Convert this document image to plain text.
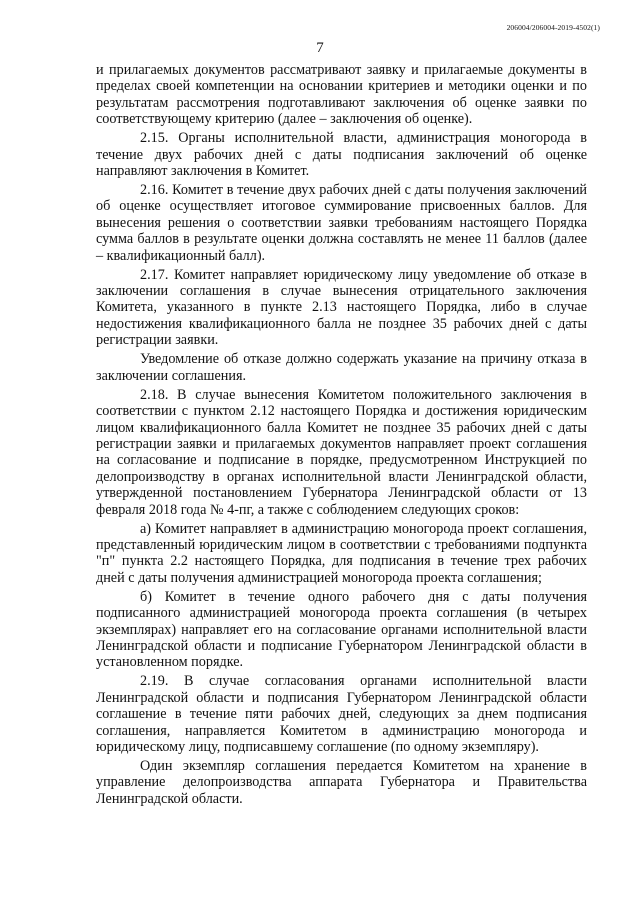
206004/206004-2019-4502(1)
7

и прилагаемых документов рассматривают заявку и прилагаемые документы в пределах своей компетенции на основании критериев и методики оценки и по результатам рассмотрения подготавливают заключения об оценке заявки по соответствующему критерию (далее – заключения об оценке).

2.15. Органы исполнительной власти, администрация моногорода в течение двух рабочих дней с даты подписания заключений об оценке направляют заключения в Комитет.

2.16. Комитет в течение двух рабочих дней с даты получения заключений об оценке осуществляет итоговое суммирование присвоенных баллов. Для вынесения решения о соответствии заявки требованиям настоящего Порядка сумма баллов в результате оценки должна составлять не менее 11 баллов (далее – квалификационный балл).

2.17. Комитет направляет юридическому лицу уведомление об отказе в заключении соглашения в случае вынесения отрицательного заключения Комитета, указанного в пункте 2.13 настоящего Порядка, либо в случае недостижения квалификационного балла не позднее 35 рабочих дней с даты регистрации заявки.

Уведомление об отказе должно содержать указание на причину отказа в заключении соглашения.

2.18. В случае вынесения Комитетом положительного заключения в соответствии с пунктом 2.12 настоящего Порядка и достижения юридическим лицом квалификационного балла Комитет не позднее 35 рабочих дней с даты регистрации заявки и прилагаемых документов направляет проект соглашения на согласование и подписание в порядке, предусмотренном Инструкцией по делопроизводству в органах исполнительной власти Ленинградской области, утвержденной постановлением Губернатора Ленинградской области от 13 февраля 2018 года № 4-пг, а также с соблюдением следующих сроков:

а) Комитет направляет в администрацию моногорода проект соглашения, представленный юридическим лицом в соответствии с требованиями подпункта "п" пункта 2.2 настоящего Порядка, для подписания в течение трех рабочих дней с даты получения администрацией моногорода проекта соглашения;

б) Комитет в течение одного рабочего дня с даты получения подписанного администрацией моногорода проекта соглашения (в четырех экземплярах) направляет его на согласование органами исполнительной власти Ленинградской области и подписание Губернатором Ленинградской области в установленном порядке.

2.19. В случае согласования органами исполнительной власти Ленинградской области и подписания Губернатором Ленинградской области соглашение в течение пяти рабочих дней, следующих за днем подписания соглашения, направляется Комитетом в администрацию моногорода и юридическому лицу, подписавшему соглашение (по одному экземпляру).

Один экземпляр соглашения передается Комитетом на хранение в управление делопроизводства аппарата Губернатора и Правительства Ленинградской области.
